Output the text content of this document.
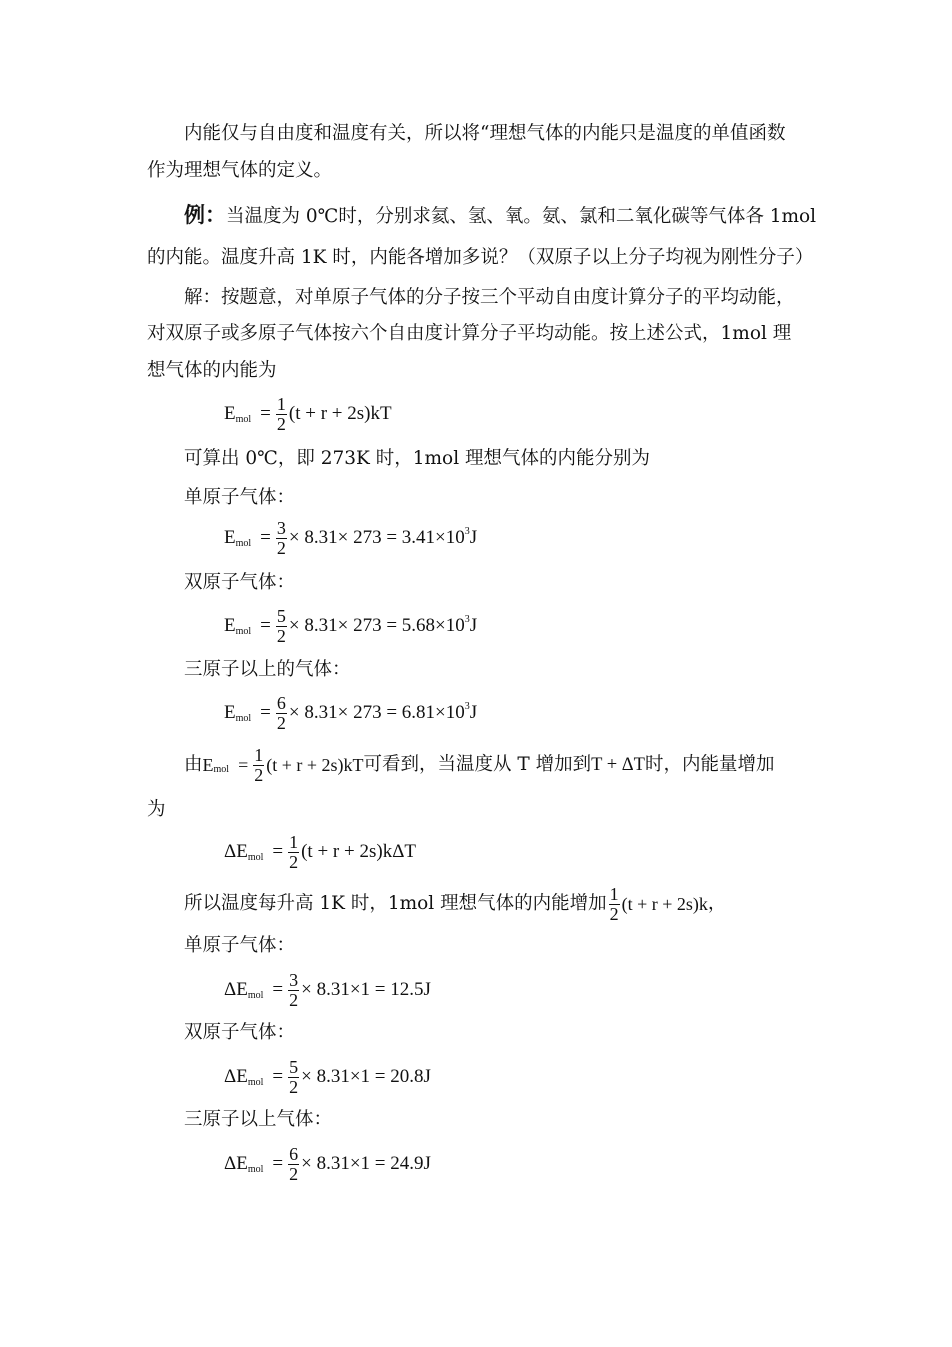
内能仅与自由度和温度有关，所以将“理想气体的内能只是温度的单值函数
作为理想气体的定义。
例：当温度为 0℃时，分别求氦、氢、氧。氨、氯和二氧化碳等气体各 1mol
的内能。温度升高 1K 时，内能各增加多说？（双原子以上分子均视为刚性分子）
解：按题意，对单原子气体的分子按三个平动自由度计算分子的平均动能，
对双原子或多原子气体按六个自由度计算分子平均动能。按上述公式，1mol 理
想气体的内能为
E mol = $\frac{1}{2} (t + r + 2s)kT$
可算出 0℃，即 273K 时，1mol 理想气体的内能分别为
单原子气体：
E mol = $\frac{3}{2} \times 8.31\times 273 = 3.41\times 10$ 3 J
双原子气体：
E mol = $\frac{5}{2} \times 8.31\times 273 = 5.68\times 10$ 3 J
三原子以上的气体：
E mol = $\frac{6}{2} \times 8.31\times 273 = 6.81\times 10$ 3 J
由 E mol = $\frac{1}{2} (t + r + 2s)kT$ 可看到，当温度从 T 增加到 T + ΔT 时，内能量增加
为
ΔE mol = $\frac{1}{2} (t + r + 2s)k\Delta T$
所以温度每升高 1K 时，1mol 理想气体的内能增加 $\frac{1}{2} (t + r + 2s)k$ ，
单原子气体：
ΔE mol = $\frac{3}{2} \times 8.31\times 1 = 12.5J$
双原子气体：
ΔE mol = $\frac{5}{2} \times 8.31\times 1 = 20.8J$
三原子以上气体：
ΔE mol = $\frac{6}{2} \times 8.31\times 1 = 24.9J$
